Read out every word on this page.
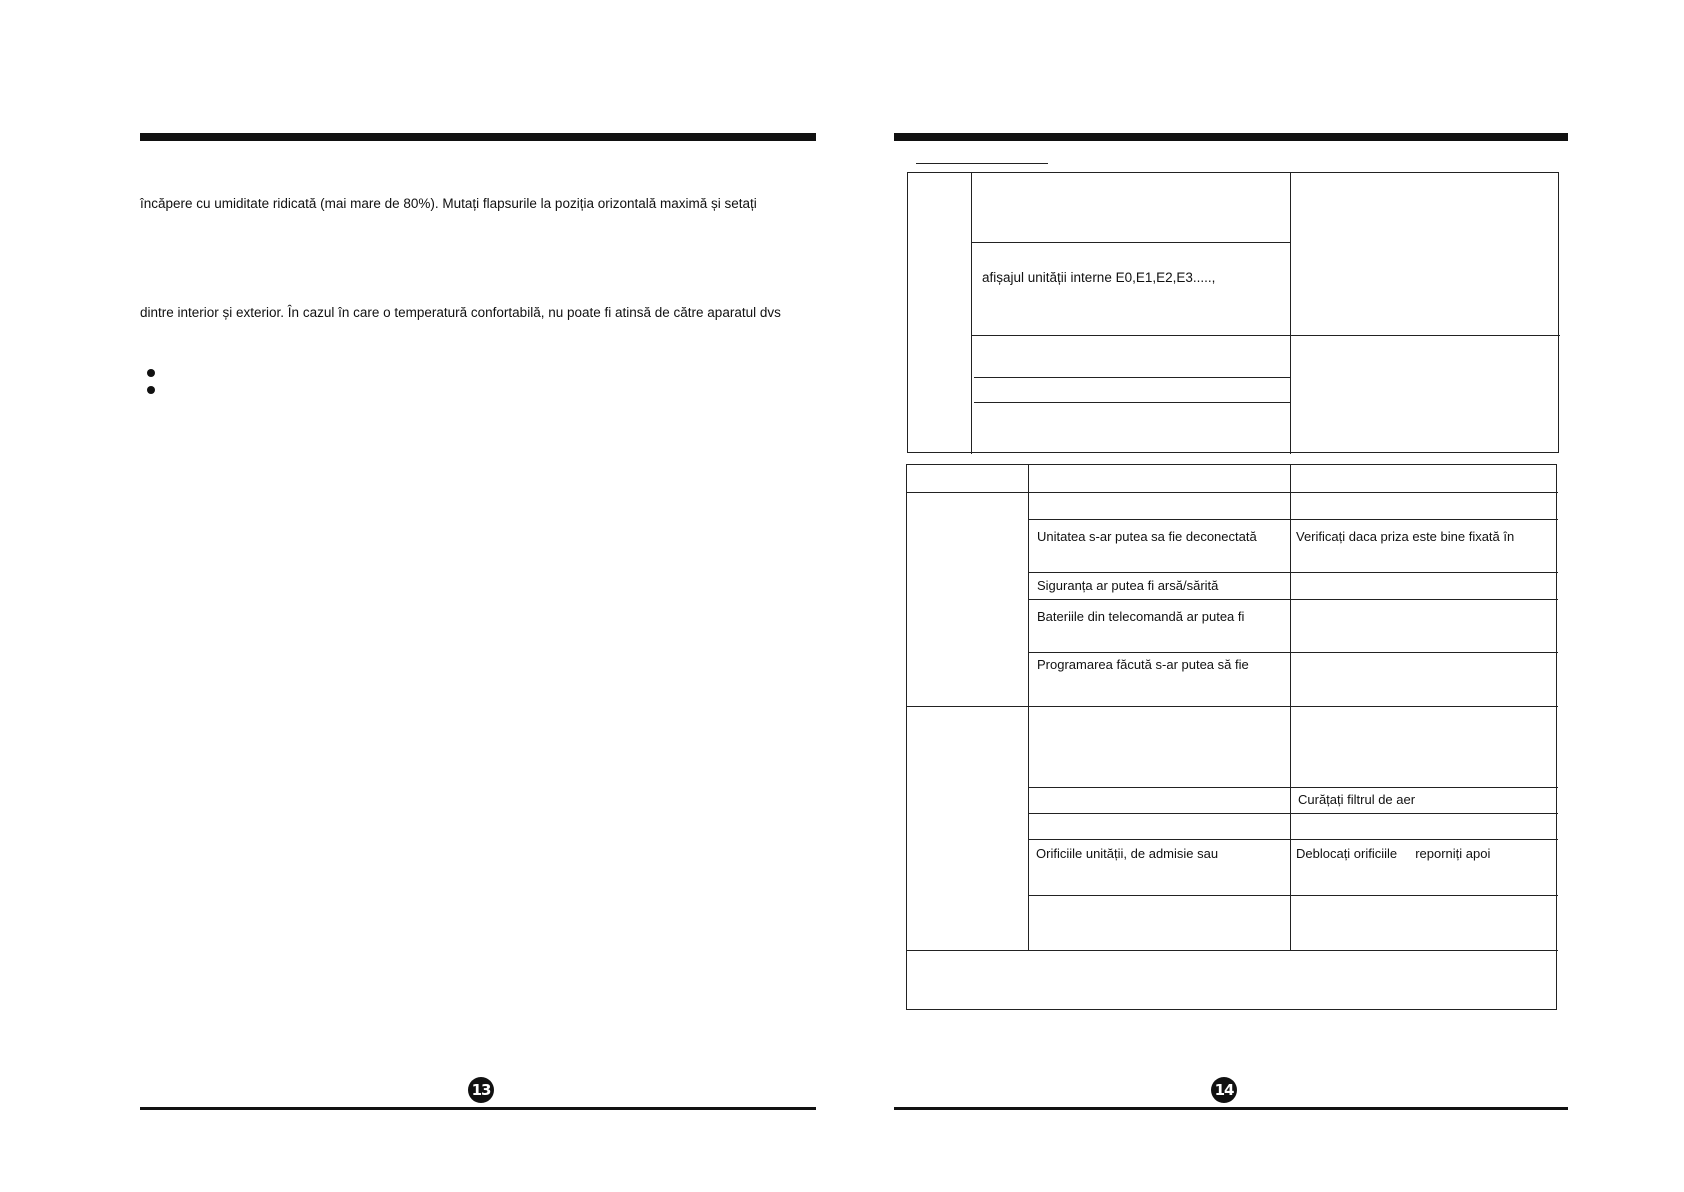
încăpere cu umiditate ridicată (mai mare de 80%). Mutați flapsurile la poziția orizontală maximă și setați
dintre interior și exterior. În cazul în care o temperatură confortabilă, nu poate fi atinsă de către aparatul dvs
13
afișajul unității interne E0,E1,E2,E3.....,
Unitatea s-ar putea sa fie deconectată	Verificați daca priza este bine fixată în
Siguranța ar putea fi arsă/sărită
Bateriile din telecomandă ar putea fi
Programarea făcută s-ar putea să fie
Curățați filtrul de aer
Orificiile unității, de admisie sau	Deblocați orificiile     reporniți apoi
14
